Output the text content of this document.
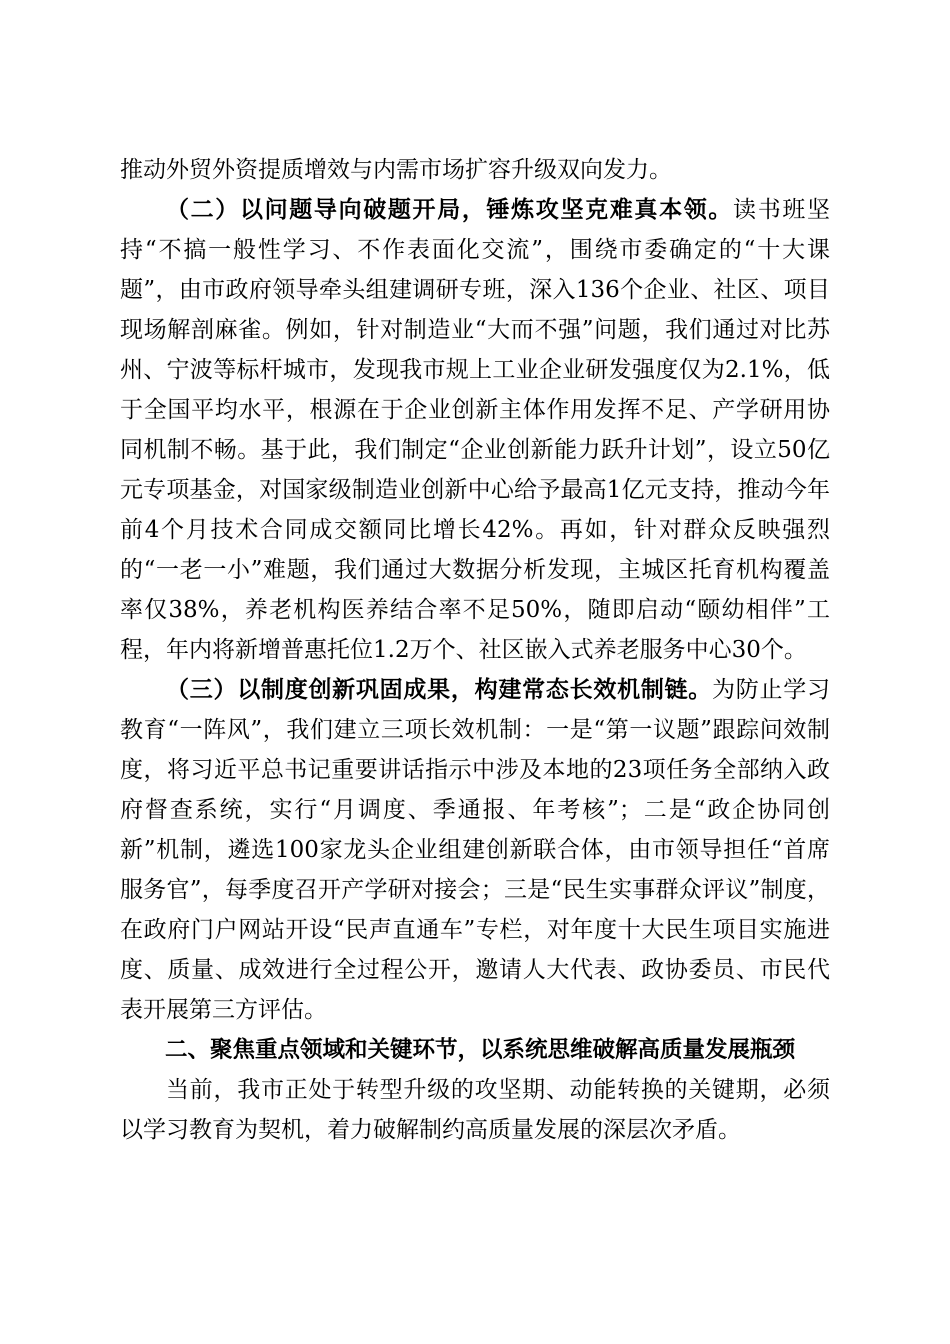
推动外贸外资提质增效与内需市场扩容升级双向发力。

（二）以问题导向破题开局，锤炼攻坚克难真本领。读书班坚持“不搞一般性学习、不作表面化交流”，围绕市委确定的“十大课题”，由市政府领导牵头组建调研专班，深入136个企业、社区、项目现场解剖麻雀。例如，针对制造业“大而不强”问题，我们通过对比苏州、宁波等标杆城市，发现我市规上工业企业研发强度仅为2.1%，低于全国平均水平，根源在于企业创新主体作用发挥不足、产学研用协同机制不畅。基于此，我们制定“企业创新能力跃升计划”，设立50亿元专项基金，对国家级制造业创新中心给予最高1亿元支持，推动今年前4个月技术合同成交额同比增长42%。再如，针对群众反映强烈的“一老一小”难题，我们通过大数据分析发现，主城区托育机构覆盖率仅38%，养老机构医养结合率不足50%，随即启动“颐幼相伴”工程，年内将新增普惠托位1.2万个、社区嵌入式养老服务中心30个。

（三）以制度创新巩固成果，构建常态长效机制链。为防止学习教育“一阵风”，我们建立三项长效机制：一是“第一议题”跟踪问效制度，将习近平总书记重要讲话指示中涉及本地的23项任务全部纳入政府督查系统，实行“月调度、季通报、年考核”；二是“政企协同创新”机制，遴选100家龙头企业组建创新联合体，由市领导担任“首席服务官”，每季度召开产学研对接会；三是“民生实事群众评议”制度，在政府门户网站开设“民声直通车”专栏，对年度十大民生项目实施进度、质量、成效进行全过程公开，邀请人大代表、政协委员、市民代表开展第三方评估。

二、聚焦重点领域和关键环节，以系统思维破解高质量发展瓶颈

当前，我市正处于转型升级的攻坚期、动能转换的关键期，必须以学习教育为契机，着力破解制约高质量发展的深层次矛盾。
